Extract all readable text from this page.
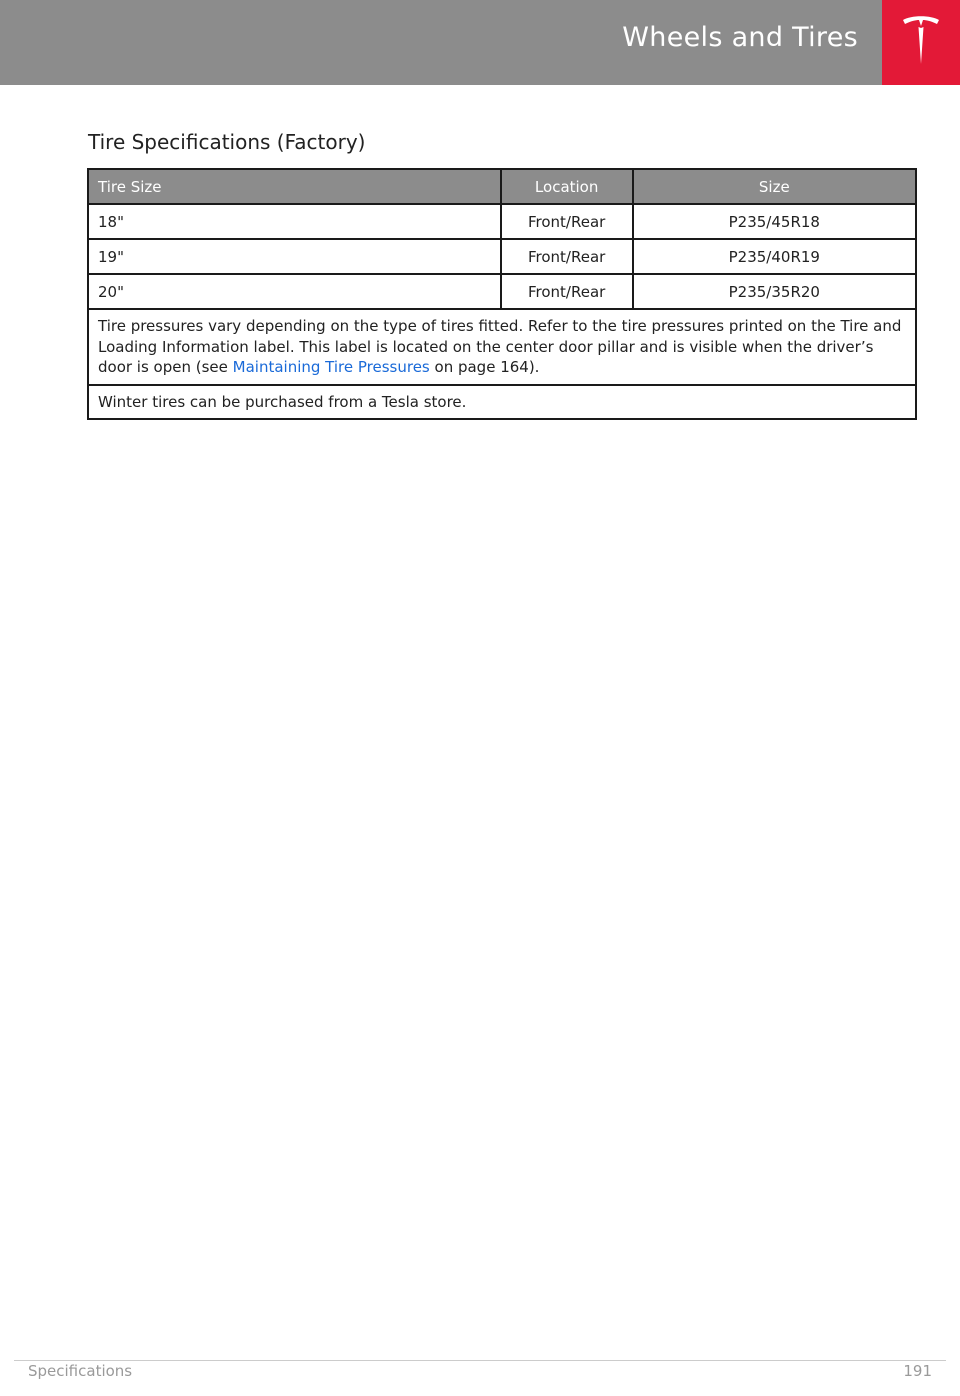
Wheels and Tires
Tire Specifications (Factory)
Tire Size	Location	Size
18"	Front/Rear	P235/45R18
19"	Front/Rear	P235/40R19
20"	Front/Rear	P235/35R20
Tire pressures vary depending on the type of tires fitted. Refer to the tire pressures printed on the Tire and Loading Information label. This label is located on the center door pillar and is visible when the driver’s door is open (see Maintaining Tire Pressures on page 164).		
Winter tires can be purchased from a Tesla store.		
Specifications	191
